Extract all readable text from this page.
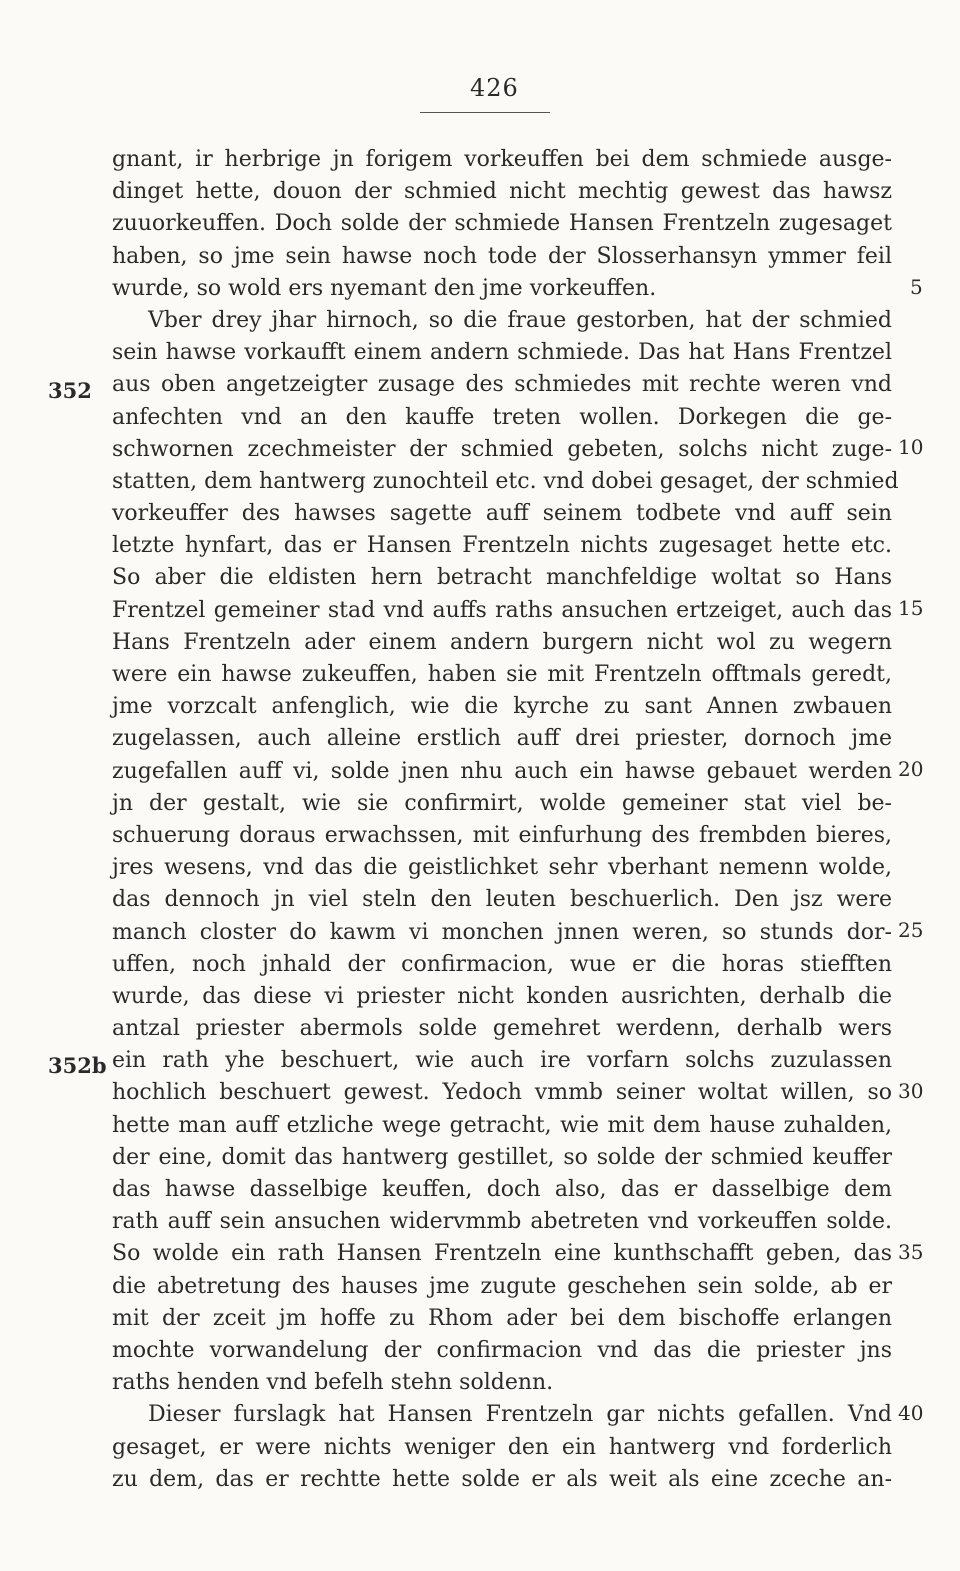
426
gnant, ir herbrige jn forigem vorkeuffen bei dem schmiede ausge-
dinget hette, douon der schmied nicht mechtig gewest das hawsz
zuuorkeuffen. Doch solde der schmiede Hansen Frentzeln zugesaget
haben, so jme sein hawse noch tode der Slosserhansyn ymmer feil
wurde, so wold ers nyemant den jme vorkeuffen.
Vber drey jhar hirnoch, so die fraue gestorben, hat der schmied
sein hawse vorkaufft einem andern schmiede. Das hat Hans Frentzel
aus oben angetzeigter zusage des schmiedes mit rechte weren vnd
anfechten vnd an den kauffe treten wollen. Dorkegen die ge-
schwornen zcechmeister der schmied gebeten, solchs nicht zuge-
statten, dem hantwerg zunochteil etc. vnd dobei gesaget, der schmied
vorkeuffer des hawses sagette auff seinem todbete vnd auff sein
letzte hynfart, das er Hansen Frentzeln nichts zugesaget hette etc.
So aber die eldisten hern betracht manchfeldige woltat so Hans
Frentzel gemeiner stad vnd auffs raths ansuchen ertzeiget, auch das
Hans Frentzeln ader einem andern burgern nicht wol zu wegern
were ein hawse zukeuffen, haben sie mit Frentzeln offtmals geredt,
jme vorzcalt anfenglich, wie die kyrche zu sant Annen zwbauen
zugelassen, auch alleine erstlich auff drei priester, dornoch jme
zugefallen auff vi, solde jnen nhu auch ein hawse gebauet werden
jn der gestalt, wie sie confirmirt, wolde gemeiner stat viel be-
schuerung doraus erwachssen, mit einfurhung des frembden bieres,
jres wesens, vnd das die geistlichket sehr vberhant nemenn wolde,
das dennoch jn viel steln den leuten beschuerlich. Den jsz were
manch closter do kawm vi monchen jnnen weren, so stunds dor-
uffen, noch jnhald der confirmacion, wue er die horas stiefften
wurde, das diese vi priester nicht konden ausrichten, derhalb die
antzal priester abermols solde gemehret werdenn, derhalb wers
ein rath yhe beschuert, wie auch ire vorfarn solchs zuzulassen
hochlich beschuert gewest. Yedoch vmmb seiner woltat willen, so
hette man auff etzliche wege getracht, wie mit dem hause zuhalden,
der eine, domit das hantwerg gestillet, so solde der schmied keuffer
das hawse dasselbige keuffen, doch also, das er dasselbige dem
rath auff sein ansuchen widervmmb abetreten vnd vorkeuffen solde.
So wolde ein rath Hansen Frentzeln eine kunthschafft geben, das
die abetretung des hauses jme zugute geschehen sein solde, ab er
mit der zceit jm hoffe zu Rhom ader bei dem bischoffe erlangen
mochte vorwandelung der confirmacion vnd das die priester jns
raths henden vnd befelh stehn soldenn.
Dieser furslagk hat Hansen Frentzeln gar nichts gefallen. Vnd
gesaget, er were nichts weniger den ein hantwerg vnd forderlich
zu dem, das er rechtte hette solde er als weit als eine zceche an-
352
352b
5
10
15
20
25
30
35
40
